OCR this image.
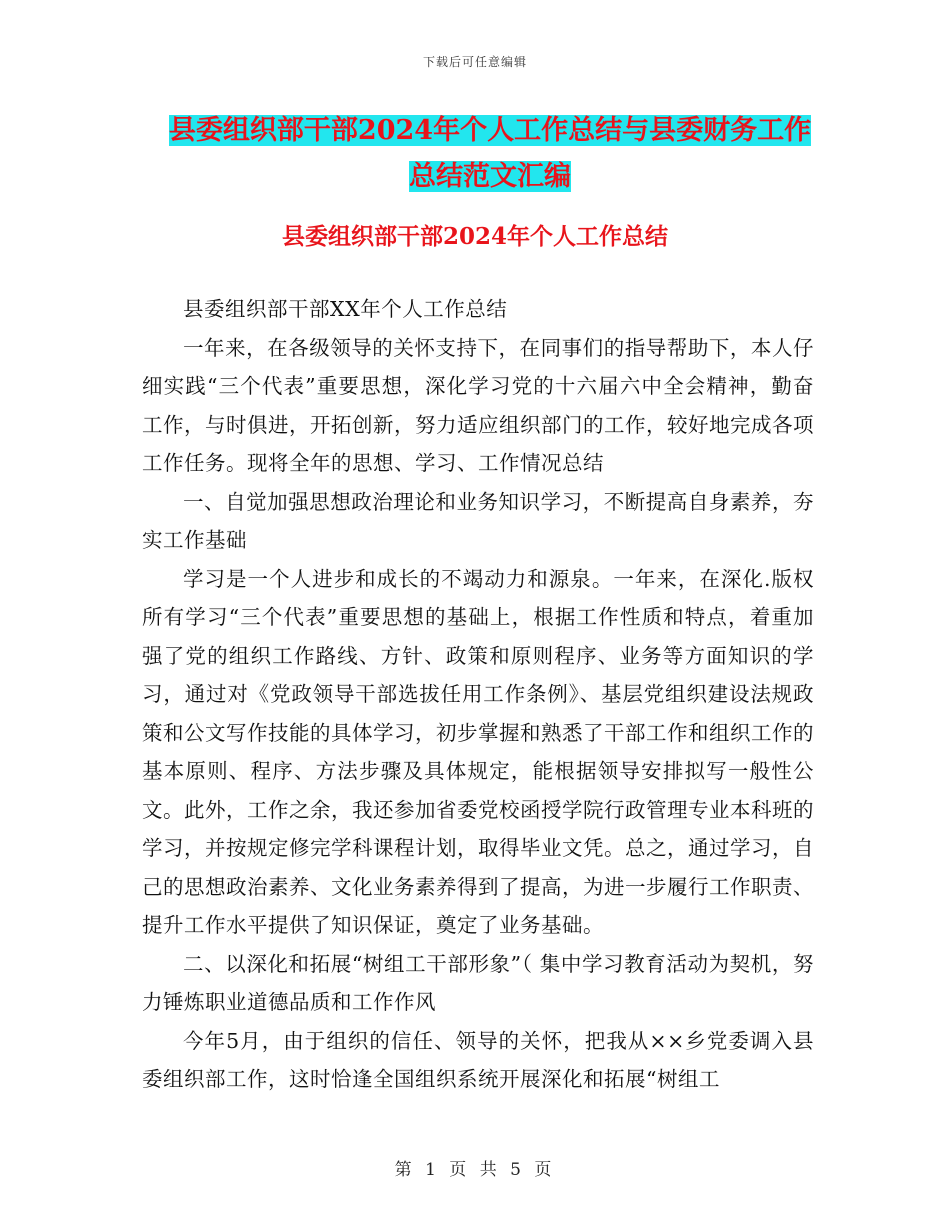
下载后可任意编辑
县委组织部干部2024年个人工作总结与县委财务工作
总结范文汇编
县委组织部干部2024年个人工作总结

县委组织部干部XX年个人工作总结

一年来，在各级领导的关怀支持下，在同事们的指导帮助下，本人仔细实践“三个代表”重要思想，深化学习党的十六届六中全会精神，勤奋工作，与时俱进，开拓创新，努力适应组织部门的工作，较好地完成各项工作任务。现将全年的思想、学习、工作情况总结

一、自觉加强思想政治理论和业务知识学习，不断提高自身素养，夯实工作基础

学习是一个人进步和成长的不竭动力和源泉。一年来，在深化.版权所有学习“三个代表”重要思想的基础上，根据工作性质和特点，着重加强了党的组织工作路线、方针、政策和原则程序、业务等方面知识的学习，通过对《党政领导干部选拔任用工作条例》、基层党组织建设法规政策和公文写作技能的具体学习，初步掌握和熟悉了干部工作和组织工作的基本原则、程序、方法步骤及具体规定，能根据领导安排拟写一般性公文。此外，工作之余，我还参加省委党校函授学院行政管理专业本科班的学习，并按规定修完学科课程计划，取得毕业文凭。总之，通过学习，自己的思想政治素养、文化业务素养得到了提高，为进一步履行工作职责、提升工作水平提供了知识保证，奠定了业务基础。

二、以深化和拓展“树组工干部形象”（ 集中学习教育活动为契机，努力锤炼职业道德品质和工作作风

今年5月，由于组织的信任、领导的关怀，把我从××乡党委调入县委组织部工作，这时恰逢全国组织系统开展深化和拓展“树组工

第 1 页 共 5 页
